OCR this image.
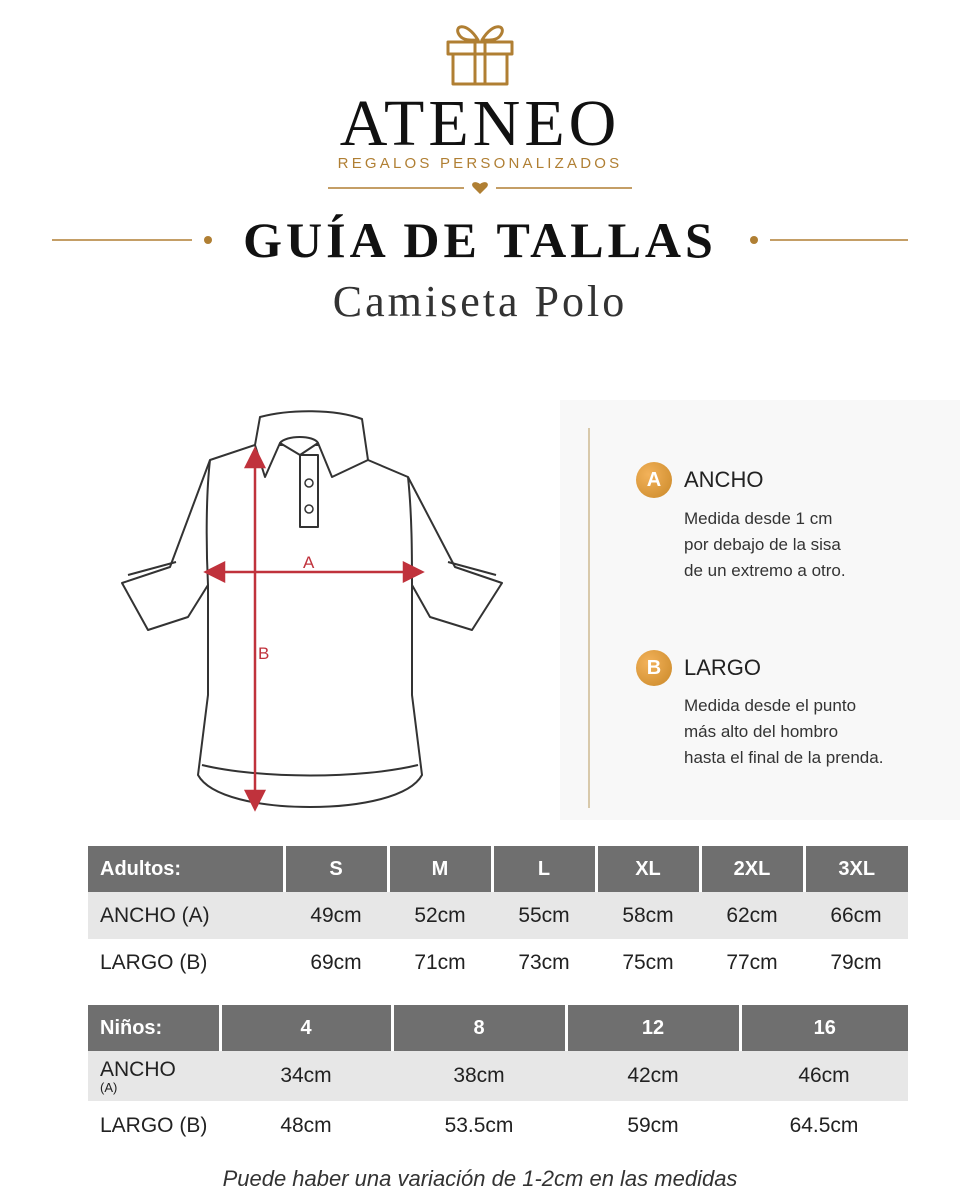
ATENEO
REGALOS PERSONALIZADOS
GUÍA DE TALLAS
Camiseta Polo
A
B
A	ANCHO
Medida desde 1 cm
por debajo de la sisa
de un extremo a otro.
B	LARGO
Medida desde el punto
más alto del hombro
hasta el final de la prenda.
Adultos:	S	M	L	XL	2XL	3XL
ANCHO (A)	49cm	52cm	55cm	58cm	62cm	66cm
LARGO (B)	69cm	71cm	73cm	75cm	77cm	79cm
Niños:	4	8	12	16
ANCHO
(A)	34cm	38cm	42cm	46cm
LARGO (B)	48cm	53.5cm	59cm	64.5cm
Puede haber una variación de 1-2cm en las medidas
